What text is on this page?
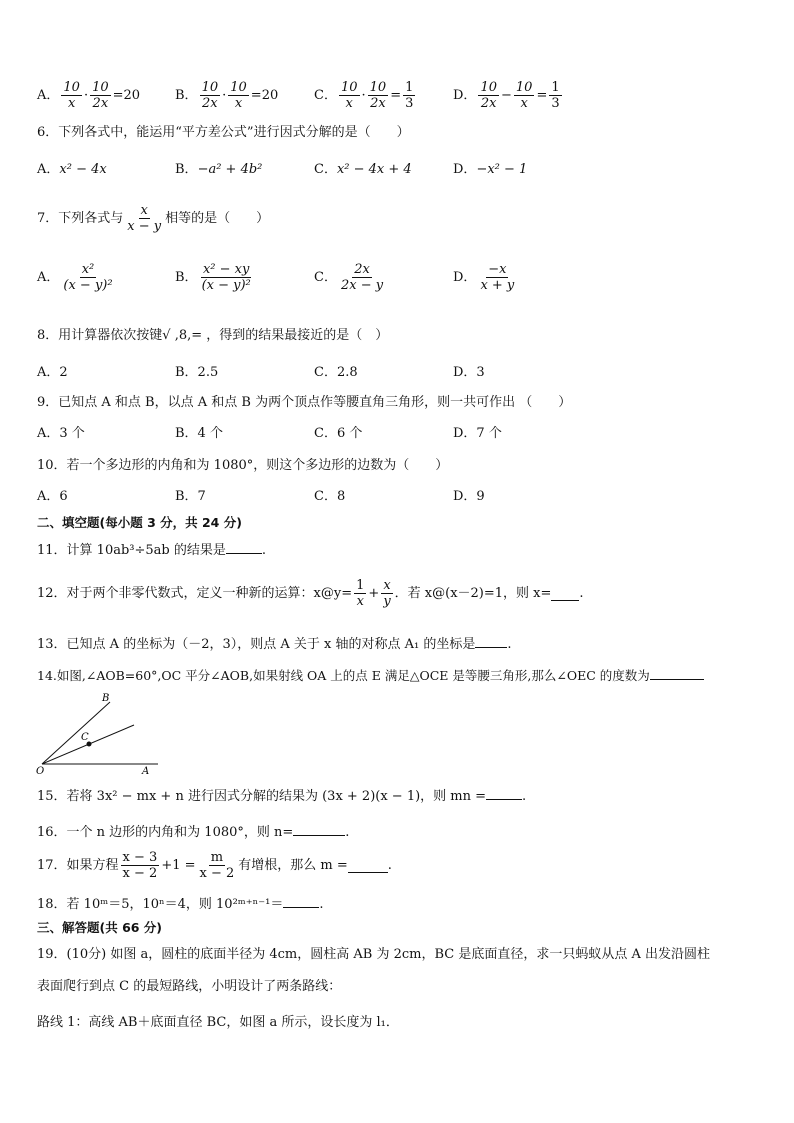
A． $\frac{10}{x} \cdot \frac{10}{2x} =20$	B． $\frac{10}{2x} \cdot \frac{10}{x} =20$	C． $\frac{10}{x} \cdot \frac{10}{2x} = \frac{1}{3}$	D． $\frac{10}{2x} - \frac{10}{x} = \frac{1}{3}$
6．下列各式中，能运用“平方差公式”进行因式分解的是（　　）
A． x² − 4x	B． −a² + 4b²	C． x² − 4x + 4	D． −x² − 1
7．下列各式与 $\frac{x}{x - y}$ 相等的是（　　）
A． $\frac{\text{x²}}{\text{(x − y)²}}$	B． $\frac{\text{x² − xy}}{\text{(x − y)²}}$	C． $\frac{2x}{2x - y}$	D． $\frac{-x}{x + y}$
8．用计算器依次按键√ ,8,= ，得到的结果最接近的是（　）
A．2	B．2.5	C．2.8	D．3
9．已知点 A 和点 B，以点 A 和点 B 为两个顶点作等腰直角三角形，则一共可作出 （　　）
A．3 个	B．4 个	C．6 个	D．7 个
10．若一个多边形的内角和为 1080°，则这个多边形的边数为（　　）
A．6	B．7	C．8	D．9
二、填空题(每小题 3 分，共 24 分)
11．计算 10ab³÷5ab 的结果是	.
12．对于两个非零代数式，定义一种新的运算：x@y= $\frac{1}{x} + \frac{x}{y}$ ．若 x@(x－2)=1，则 x= .
13．已知点 A 的坐标为（－2，3），则点 A 关于 x 轴的对称点 A₁ 的坐标是 .
14.如图,∠AOB=60°,OC 平分∠AOB,如果射线 OA 上的点 E 满足△OCE 是等腰三角形,那么∠OEC 的度数为
B
C
O	A
15．若将 3x² − mx + n 进行因式分解的结果为 (3x + 2)(x − 1)，则 mn =	.
16．一个 n 边形的内角和为 1080°，则 n=	.
17．如果方程 $\frac{x - 3}{x - 2} +1 = \frac{m}{x - 2}$ 有增根，那么 m =	.
18．若 10ᵐ＝5，10ⁿ＝4，则 10²ᵐ⁺ⁿ⁻¹＝	.
三、解答题(共 66 分)
19．(10分) 如图 a，圆柱的底面半径为 4cm，圆柱高 AB 为 2cm，BC 是底面直径，求一只蚂蚁从点 A 出发沿圆柱
表面爬行到点 C 的最短路线，小明设计了两条路线：
路线 1：高线 AB＋底面直径 BC，如图 a 所示，设长度为 l₁．
